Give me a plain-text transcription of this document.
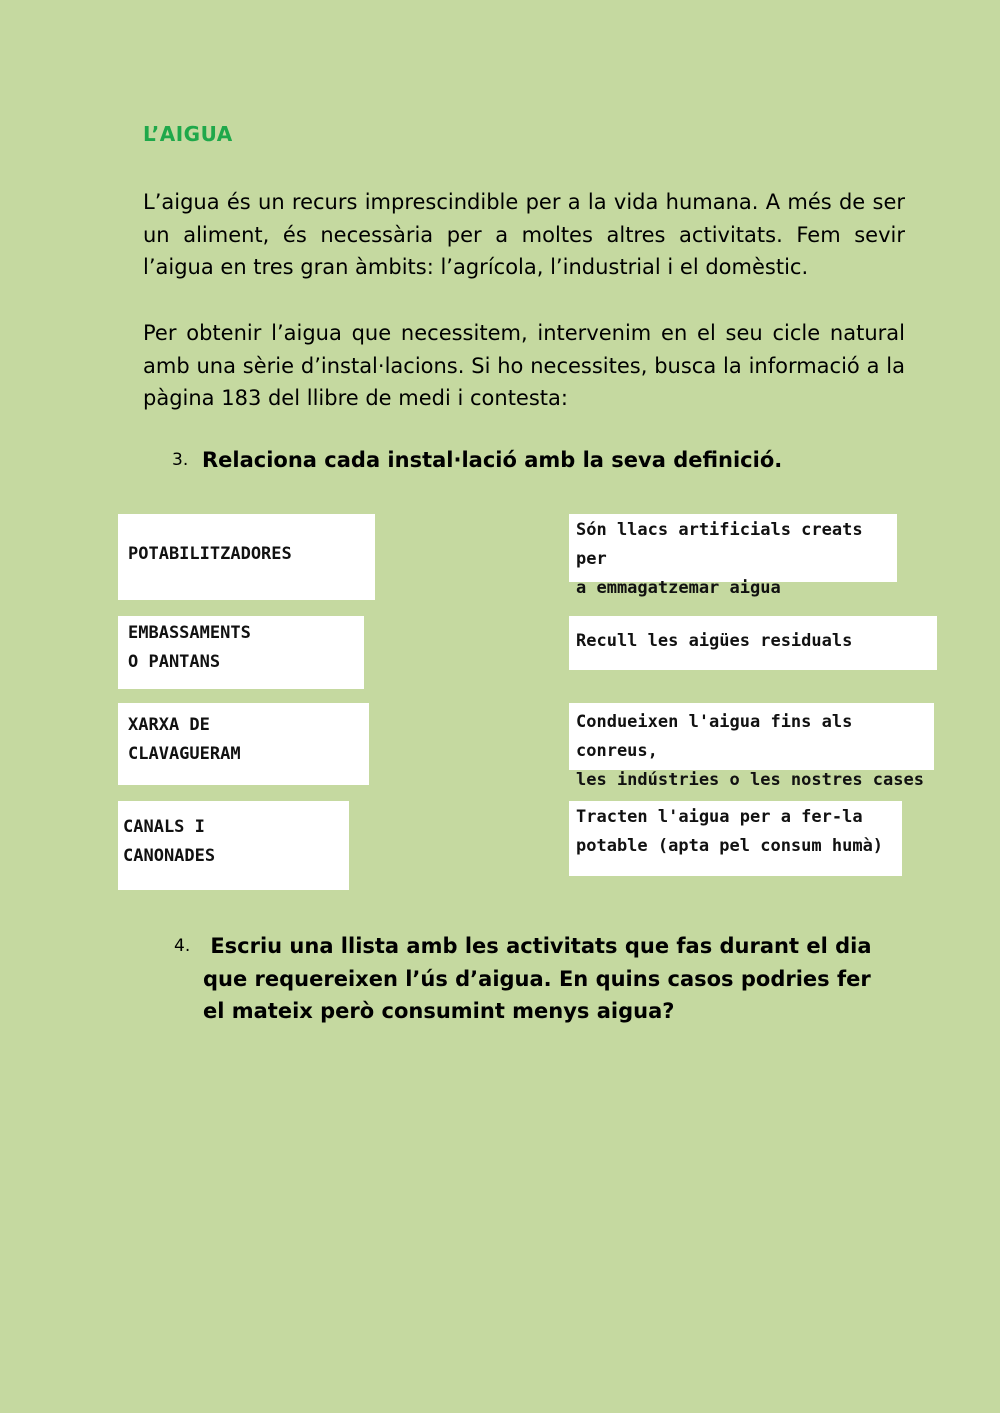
L’AIGUA
L’aigua és un recurs imprescindible per a la vida humana. A més de ser un aliment, és necessària per a moltes altres activitats. Fem sevir l’aigua en tres gran àmbits: l’agrícola, l’industrial i el domèstic.
Per obtenir l’aigua que necessitem, intervenim en el seu cicle natural amb una sèrie d’instal·lacions. Si ho necessites, busca la informació a la pàgina 183 del llibre de medi i contesta:
3. Relaciona cada instal·lació amb la seva definició.
POTABILITZADORES
EMBASSAMENTS
O PANTANS
XARXA DE
CLAVAGUERAM
CANALS I
CANONADES
Són llacs artificials creats per
a emmagatzemar aigua
Recull les aigües residuals
Condueixen l'aigua fins als conreus,
les indústries o les nostres cases
Tracten l'aigua per a fer-la
potable (apta pel consum humà)
4. Escriu una llista amb les activitats que fas durant el dia que requereixen l’ús d’aigua. En quins casos podries fer el mateix però consumint menys aigua?
